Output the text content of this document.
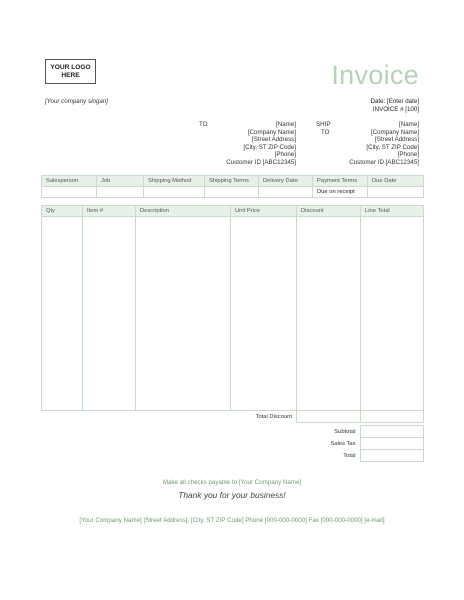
YOUR LOGO
HERE	Invoice
[Your company slogan]	Date: [Enter date]
INVOICE # [100]
TO	[Name]
[Company Name]
[Street Address]
[City, ST ZIP Code]
[Phone]
Customer ID [ABC12345]
SHIP
TO
[Name]
[Company Name]
[Street Address]
[City, ST ZIP Code]
[Phone]
Customer ID [ABC12345]
Salesperson	Job	Shipping Method	Shipping Terms	Delivery Date	Payment Terms	Due Date
					Due on receipt	
Qty	Item #	Description	Unit Price	Discount	Line Total

Total Discount					
Subtotal	
Sales Tax	
Total	
Make all checks payable to [Your Company Name]
Thank you for your business!
[Your Company Name] [Street Address], [City, ST ZIP Code] Phone [000-000-0000] Fax [000-000-0000] [e-mail]
